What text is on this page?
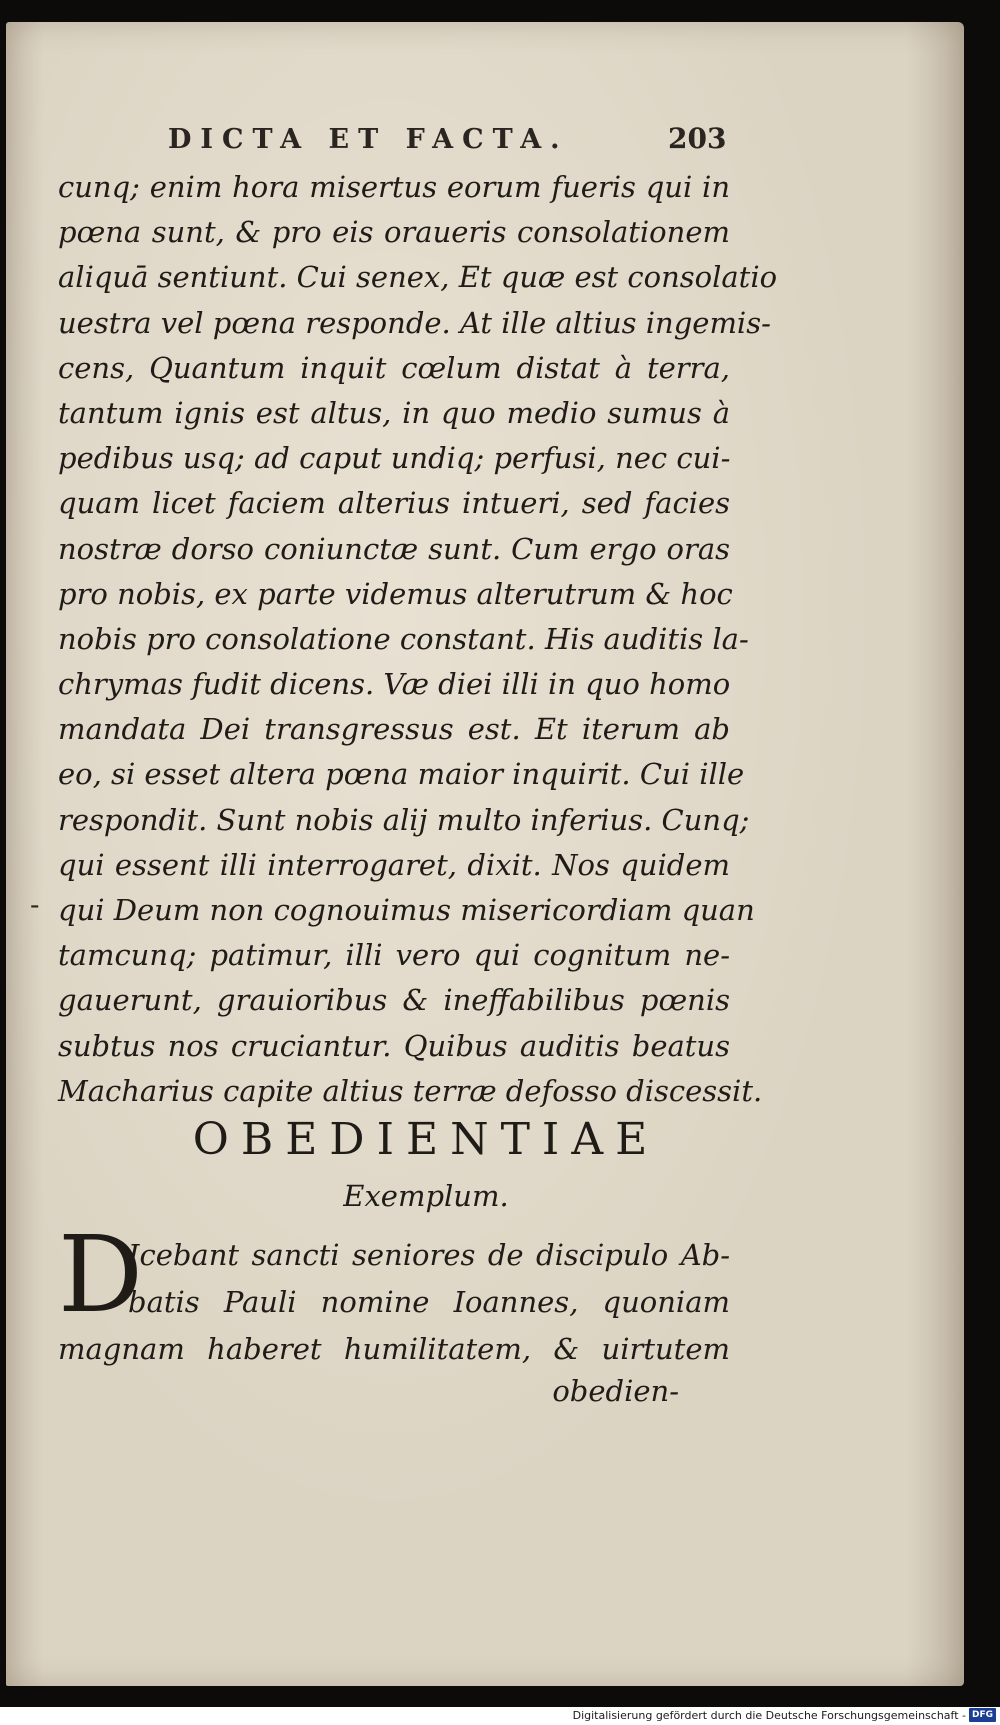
DICTA ET FACTA.	203
cunq; enim hora misertus eorum fueris qui in
pœna sunt, & pro eis oraueris consolationem
aliquā sentiunt. Cui senex, Et quæ est consolatio
uestra vel pœna responde. At ille altius ingemis-
cens, Quantum inquit cœlum distat à terra,
tantum ignis est altus, in quo medio sumus à
pedibus usq; ad caput undiq; perfusi, nec cui-
quam licet faciem alterius intueri, sed facies
nostræ dorso coniunctæ sunt. Cum ergo oras
pro nobis, ex parte videmus alterutrum & hoc
nobis pro consolatione constant. His auditis la-
chrymas fudit dicens. Væ diei illi in quo homo
mandata Dei transgressus est. Et iterum ab
eo, si esset altera pœna maior inquirit. Cui ille
respondit. Sunt nobis alij multo inferius. Cunq;
qui essent illi interrogaret, dixit. Nos quidem
qui Deum non cognouimus misericordiam quan
tamcunq; patimur, illi vero qui cognitum ne-
gauerunt, grauioribus & ineffabilibus pœnis
subtus nos cruciantur. Quibus auditis beatus
Macharius capite altius terræ defosso discessit.
-
OBEDIENTIAE
Exemplum.
D
Icebant sancti seniores de discipulo Ab-
batis Pauli nomine Ioannes, quoniam
magnam haberet humilitatem, & uirtutem
obedien-
Digitalisierung gefördert durch die Deutsche Forschungsgemeinschaft - DFG
